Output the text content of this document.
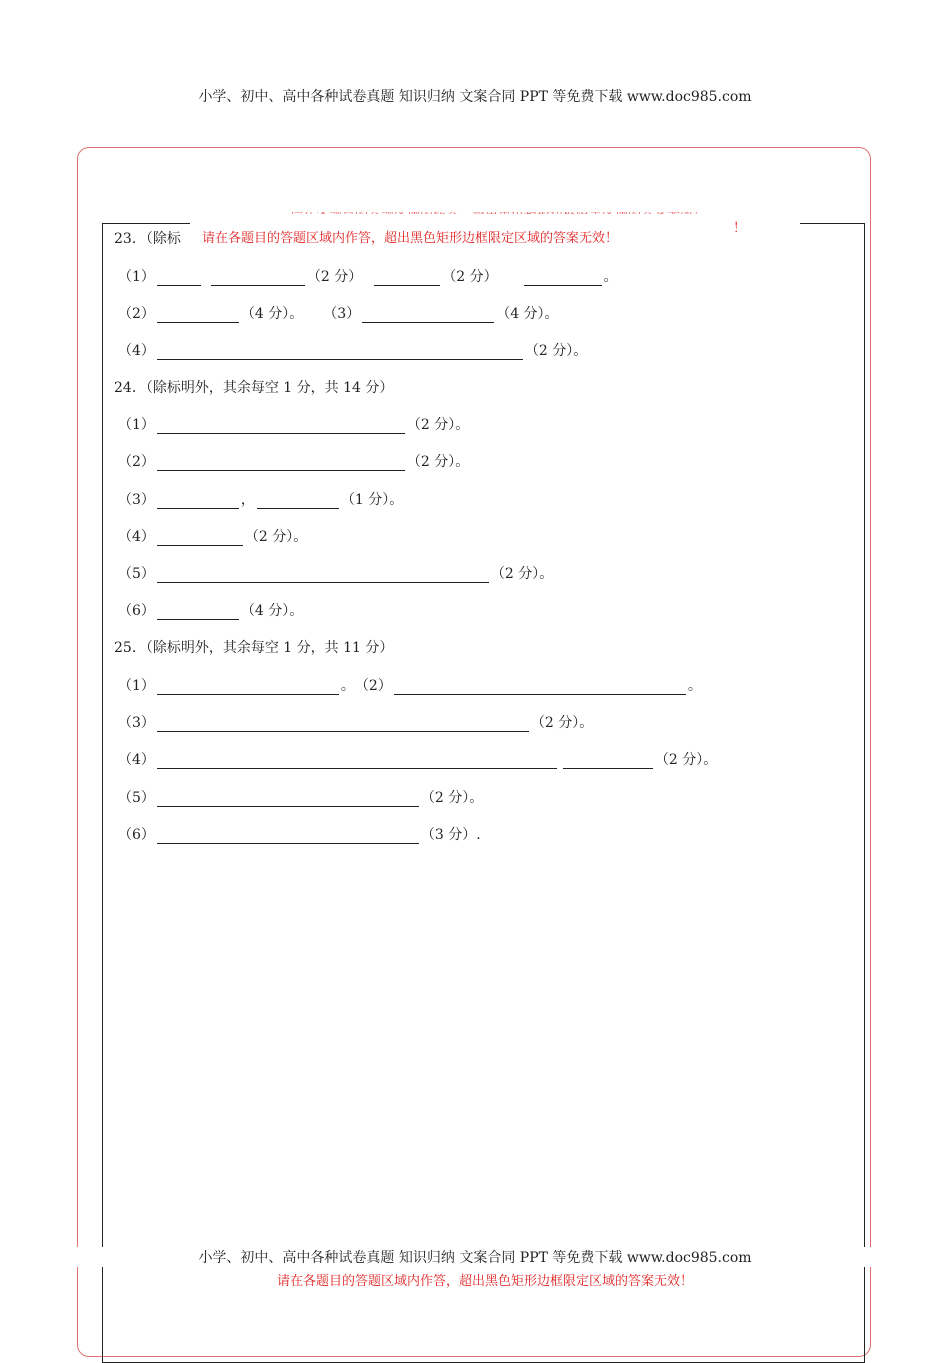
小学、初中、高中各种试卷真题 知识归纳 文案合同 PPT 等免费下载 www.doc985.com
请在各题目的答题区域内作答，超出黑色矩形边框限定区域的答案无效！
！
23．（除标
（1）	（2 分）	（2 分）	。
（2）	（4 分）。 （3）	（4 分）。
（4）	（2 分）。
24．（除标明外，其余每空 1 分，共 14 分）
（1）	（2 分）。
（2）	（2 分）。
（3）	，	（1 分）。
（4）	（2 分）。
（5）	（2 分）。
（6）	（4 分）。
25．（除标明外，其余每空 1 分，共 11 分）
（1）	。 （2）	。
（3）	（2 分）。
（4）	（2 分）。
（5）	（2 分）。
（6）	（3 分）.
小学、初中、高中各种试卷真题 知识归纳 文案合同 PPT 等免费下载 www.doc985.com
请在各题目的答题区域内作答，超出黑色矩形边框限定区域的答案无效！
